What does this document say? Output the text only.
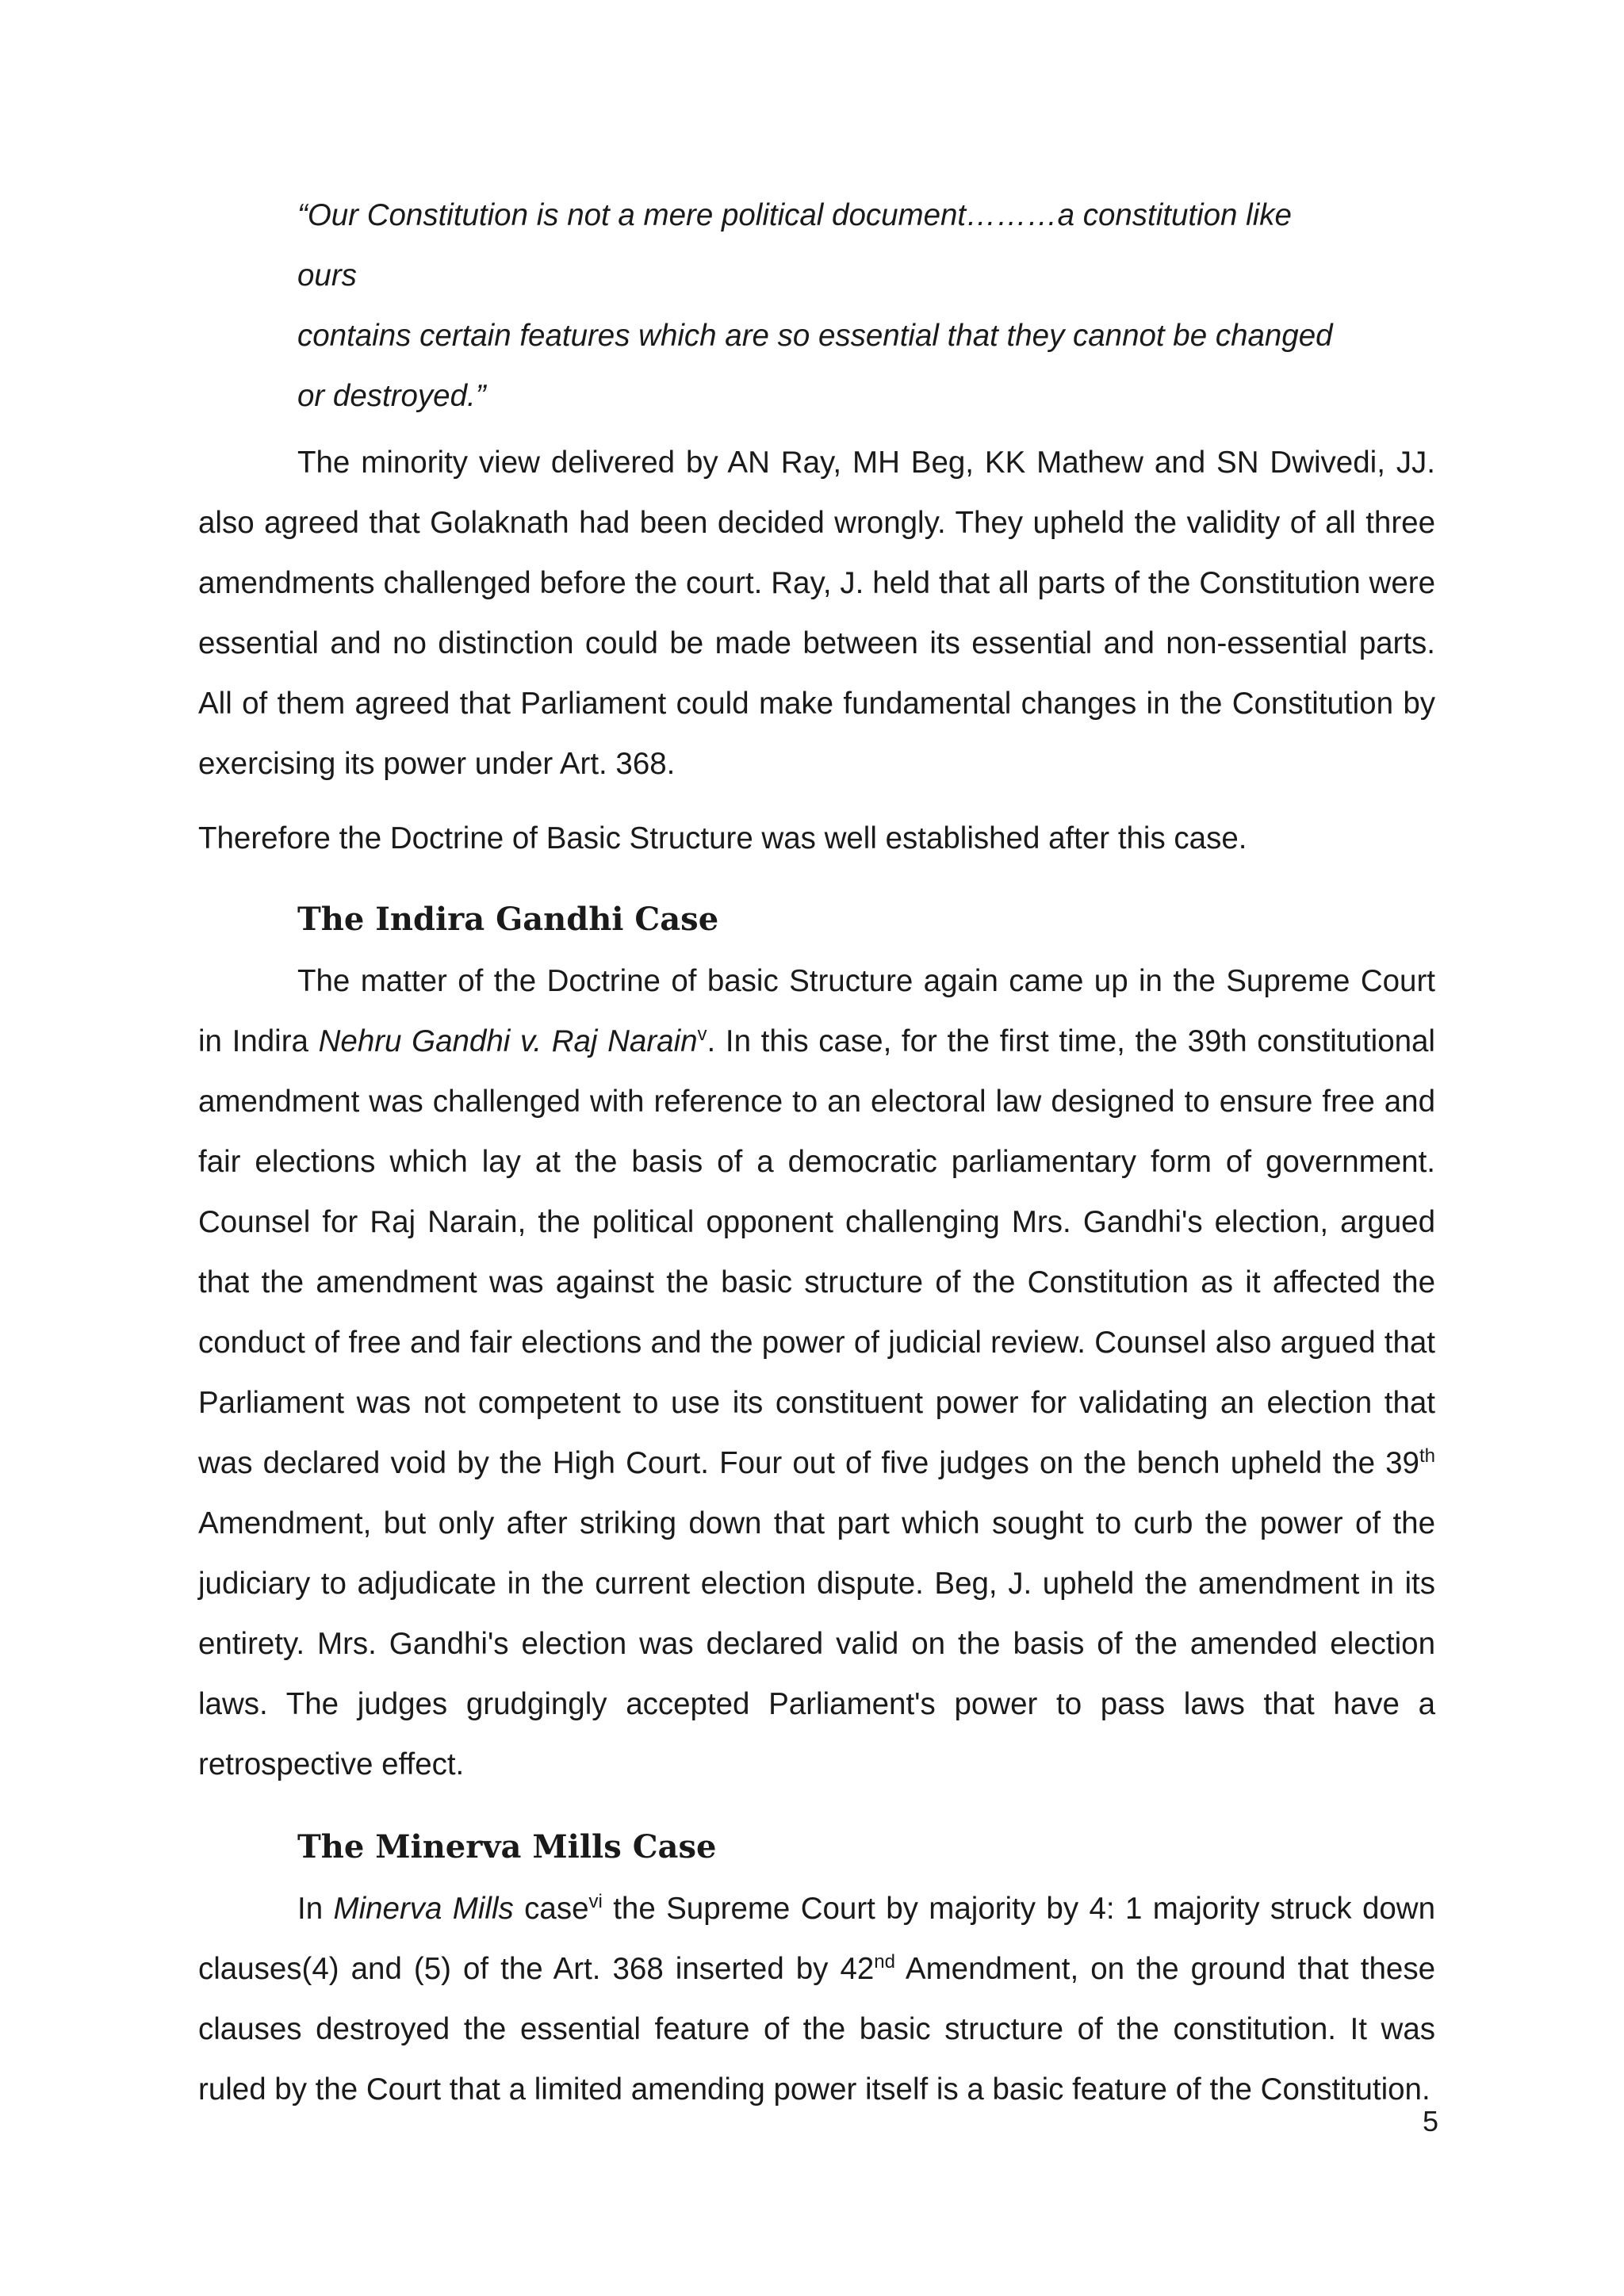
“Our Constitution is not a mere political document………a constitution like ours
contains certain features which are so essential that they cannot be changed
or destroyed.”

The minority view delivered by AN Ray, MH Beg, KK Mathew and SN Dwivedi, JJ. also agreed that Golaknath had been decided wrongly. They upheld the validity of all three amendments challenged before the court. Ray, J. held that all parts of the Constitution were essential and no distinction could be made between its essential and non-essential parts. All of them agreed that Parliament could make fundamental changes in the Constitution by exercising its power under Art. 368.

Therefore the Doctrine of Basic Structure was well established after this case.

The Indira Gandhi Case

The matter of the Doctrine of basic Structure again came up in the Supreme Court in Indira Nehru Gandhi v. Raj Narain$^v$. In this case, for the first time, the 39th constitutional amendment was challenged with reference to an electoral law designed to ensure free and fair elections which lay at the basis of a democratic parliamentary form of government. Counsel for Raj Narain, the political opponent challenging Mrs. Gandhi's election, argued that the amendment was against the basic structure of the Constitution as it affected the conduct of free and fair elections and the power of judicial review. Counsel also argued that Parliament was not competent to use its constituent power for validating an election that was declared void by the High Court. Four out of five judges on the bench upheld the 39th Amendment, but only after striking down that part which sought to curb the power of the judiciary to adjudicate in the current election dispute. Beg, J. upheld the amendment in its entirety. Mrs. Gandhi's election was declared valid on the basis of the amended election laws. The judges grudgingly accepted Parliament's power to pass laws that have a retrospective effect.

The Minerva Mills Case

In Minerva Mills case$^{vi}$ the Supreme Court by majority by 4: 1 majority struck down clauses(4) and (5) of the Art. 368 inserted by 42nd Amendment, on the ground that these clauses destroyed the essential feature of the basic structure of the constitution. It was ruled by the Court that a limited amending power itself is a basic feature of the Constitution.

5
